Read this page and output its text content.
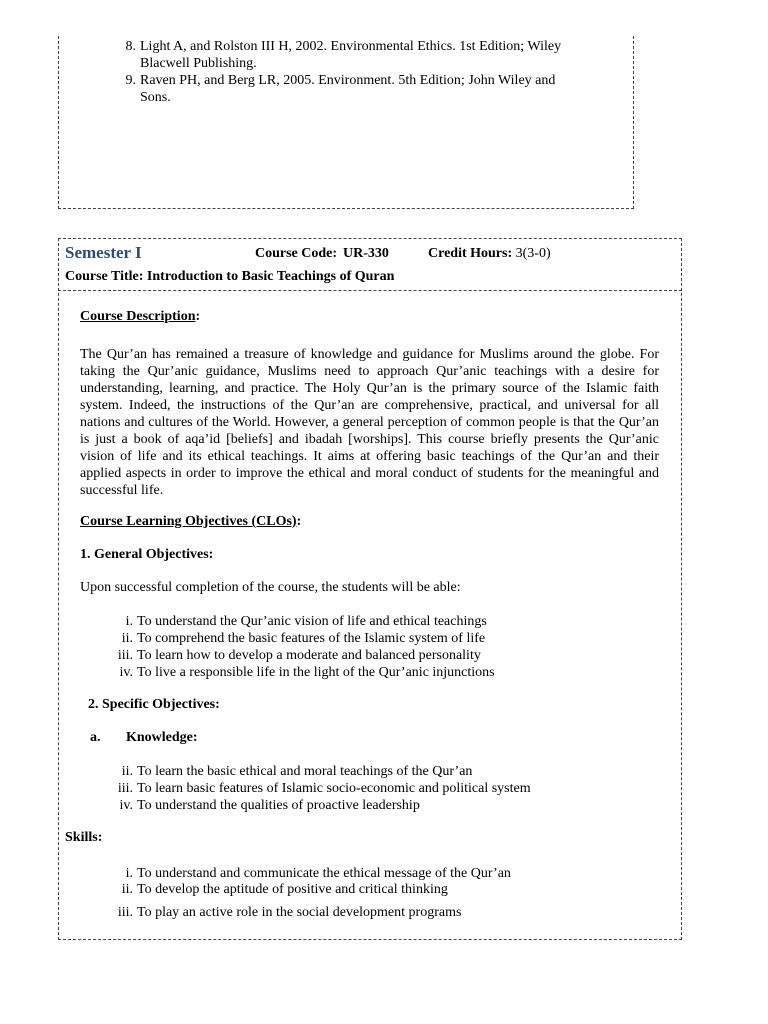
8. Light A, and Rolston III H, 2002. Environmental Ethics. 1st Edition; Wiley
Blacwell Publishing.
9. Raven PH, and Berg LR, 2005. Environment. 5th Edition; John Wiley and
Sons.
Semester I	Course Code: UR-330	Credit Hours: 3(3-0)
Course Title: Introduction to Basic Teachings of Quran
Course Description:
The Qur’an has remained a treasure of knowledge and guidance for Muslims around the globe. For taking the Qur’anic guidance, Muslims need to approach Qur’anic teachings with a desire for understanding, learning, and practice. The Holy Qur’an is the primary source of the Islamic faith system. Indeed, the instructions of the Qur’an are comprehensive, practical, and universal for all nations and cultures of the World. However, a general perception of common people is that the Qur’an is just a book of aqa’id [beliefs] and ibadah [worships]. This course briefly presents the Qur’anic vision of life and its ethical teachings. It aims at offering basic teachings of the Qur’an and their applied aspects in order to improve the ethical and moral conduct of students for the meaningful and successful life.
Course Learning Objectives (CLOs):
1. General Objectives:
Upon successful completion of the course, the students will be able:
i. To understand the Qur’anic vision of life and ethical teachings
ii. To comprehend the basic features of the Islamic system of life
iii. To learn how to develop a moderate and balanced personality
iv. To live a responsible life in the light of the Qur’anic injunctions
2. Specific Objectives:
a. Knowledge:
ii. To learn the basic ethical and moral teachings of the Qur’an
iii. To learn basic features of Islamic socio-economic and political system
iv. To understand the qualities of proactive leadership
Skills:
i. To understand and communicate the ethical message of the Qur’an
ii. To develop the aptitude of positive and critical thinking
iii. To play an active role in the social development programs
